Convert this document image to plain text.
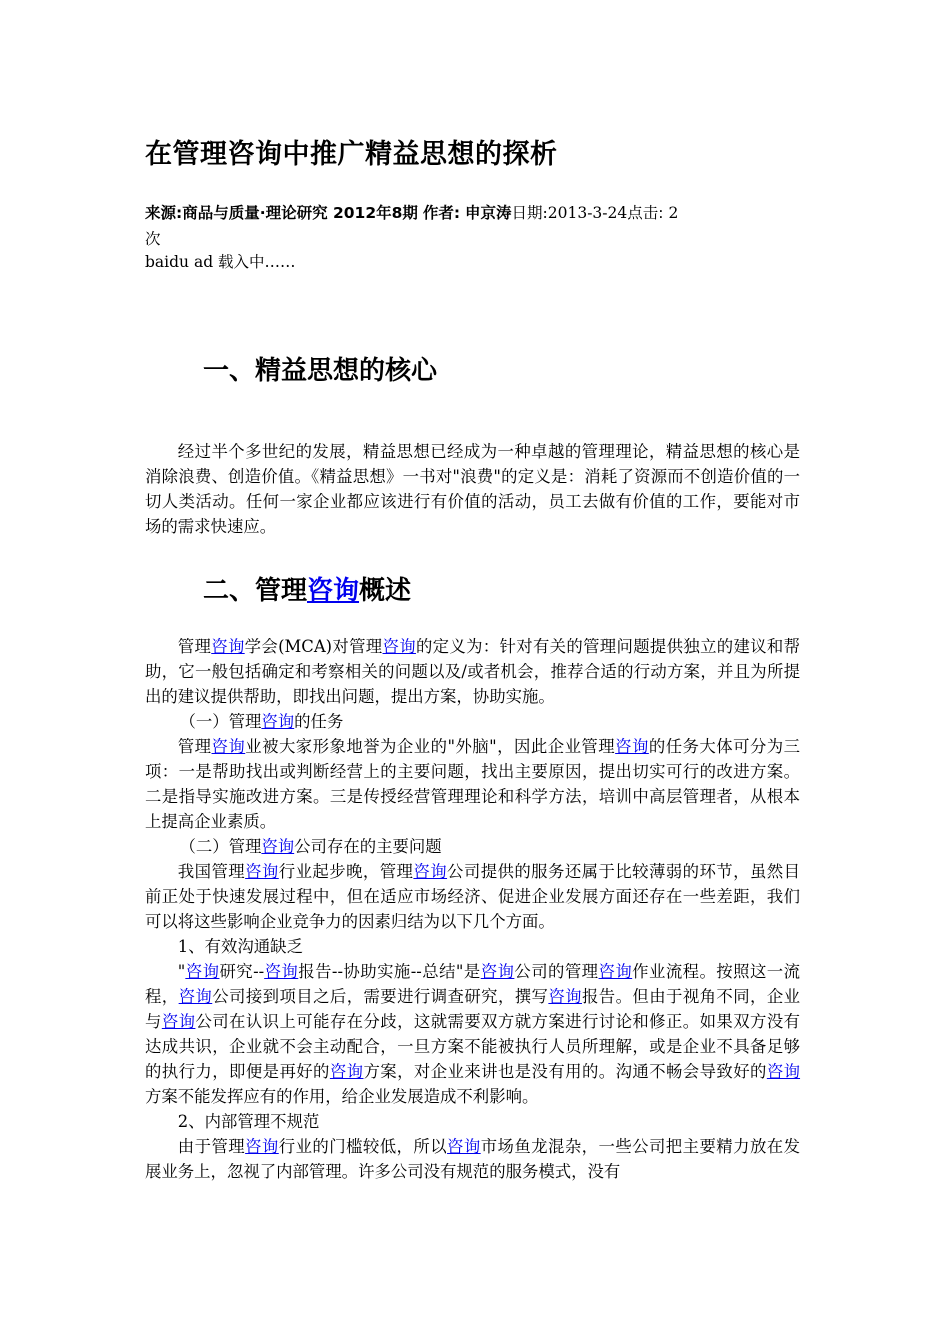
在管理咨询中推广精益思想的探析
来源:商品与质量·理论研究 2012年8期 作者: 申京涛日期:2013-3-24点击: 2
次
baidu ad 载入中……
一、精益思想的核心

经过半个多世纪的发展，精益思想已经成为一种卓越的管理理论，精益思想的核心是消除浪费、创造价值。《精益思想》一书对"浪费"的定义是：消耗了资源而不创造价值的一切人类活动。任何一家企业都应该进行有价值的活动，员工去做有价值的工作，要能对市场的需求快速应。

二、管理咨询概述

管理咨询学会(MCA)对管理咨询的定义为：针对有关的管理问题提供独立的建议和帮助，它一般包括确定和考察相关的问题以及/或者机会，推荐合适的行动方案，并且为所提出的建议提供帮助，即找出问题，提出方案，协助实施。

（一）管理咨询的任务

管理咨询业被大家形象地誉为企业的"外脑"，因此企业管理咨询的任务大体可分为三项：一是帮助找出或判断经营上的主要问题，找出主要原因，提出切实可行的改进方案。二是指导实施改进方案。三是传授经营管理理论和科学方法，培训中高层管理者，从根本上提高企业素质。

（二）管理咨询公司存在的主要问题

我国管理咨询行业起步晚，管理咨询公司提供的服务还属于比较薄弱的环节，虽然目前正处于快速发展过程中，但在适应市场经济、促进企业发展方面还存在一些差距，我们可以将这些影响企业竞争力的因素归结为以下几个方面。

1、有效沟通缺乏

"咨询研究--咨询报告--协助实施--总结"是咨询公司的管理咨询作业流程。按照这一流程，咨询公司接到项目之后，需要进行调查研究，撰写咨询报告。但由于视角不同，企业与咨询公司在认识上可能存在分歧，这就需要双方就方案进行讨论和修正。如果双方没有达成共识，企业就不会主动配合，一旦方案不能被执行人员所理解，或是企业不具备足够的执行力，即便是再好的咨询方案，对企业来讲也是没有用的。沟通不畅会导致好的咨询方案不能发挥应有的作用，给企业发展造成不利影响。

2、内部管理不规范

由于管理咨询行业的门槛较低，所以咨询市场鱼龙混杂，一些公司把主要精力放在发展业务上，忽视了内部管理。许多公司没有规范的服务模式，没有
